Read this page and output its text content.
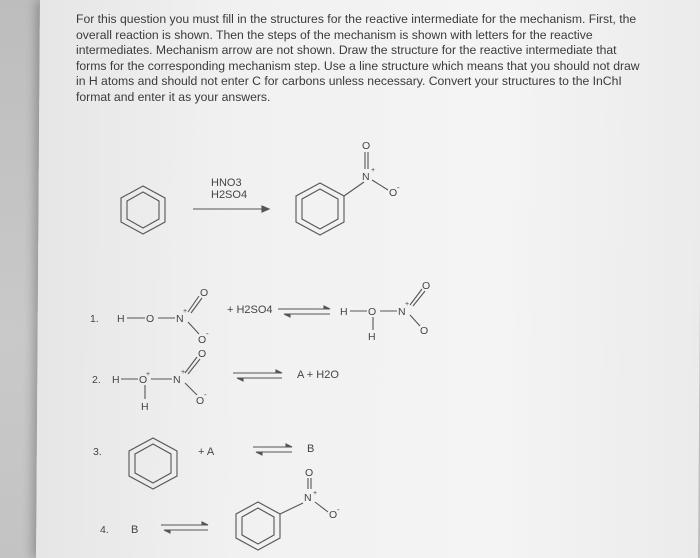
For this question you must fill in the structures for the reactive intermediate for the mechanism. First, the overall reaction is shown. Then the steps of the mechanism is shown with letters for the reactive intermediates. Mechanism arrow are not shown. Draw the structure for the reactive intermediate that forms for the corresponding mechanism step. Use a line structure which means that you should not draw in H atoms and should not enter C for carbons unless necessary. Convert your structures to the InChI format and enter it as your answers.

HNO3
H2SO4
O
N
+
O -
1. H O N
+
O
O
-
+ H2SO4	H O N
+
H
O
O
2. H O N
+	+
H
O
O
-
A + H2O
3.	+ A	B
4. B
O
N +
O -
